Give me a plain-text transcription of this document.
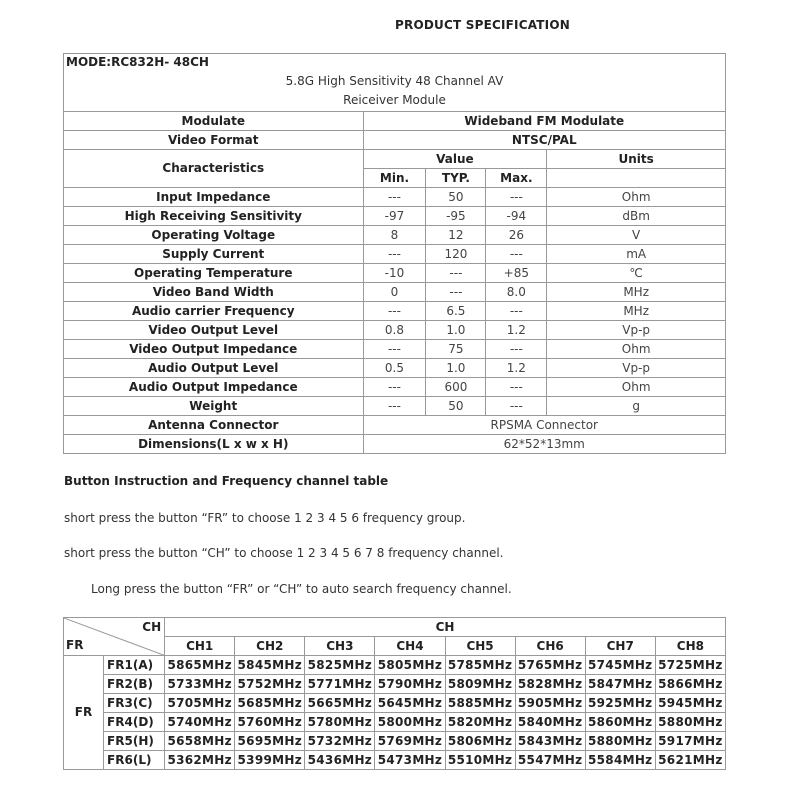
PRODUCT SPECIFICATION
MODE:RC832H- 48CH
5.8G High Sensitivity 48 Channel AV
Reiceiver Module				

Modulate	Wideband FM Modulate			
Video Format	NTSC/PAL			
Characteristics	Value			Units
	Min.	TYP.	Max.	
Input Impedance	---	50	---	Ohm
High Receiving Sensitivity	-97	-95	-94	dBm
Operating Voltage	8	12	26	V
Supply Current	---	120	---	mA
Operating Temperature	-10	---	+85	℃
Video Band Width	0	---	8.0	MHz
Audio carrier Frequency	---	6.5	---	MHz
Video Output Level	0.8	1.0	1.2	Vp-p
Video Output Impedance	---	75	---	Ohm
Audio Output Level	0.5	1.0	1.2	Vp-p
Audio Output Impedance	---	600	---	Ohm
Weight	---	50	---	g
Antenna Connector	RPSMA Connector			
Dimensions(L x w x H)	62*52*13mm			
Button Instruction and Frequency channel table
short press the button “FR” to choose 1 2 3 4 5 6 frequency group.
short press the button “CH” to choose 1 2 3 4 5 6 7 8 frequency channel.
Long press the button “FR” or “CH” to auto search frequency channel.
CH
FR		CH							
		CH1	CH2	CH3	CH4	CH5	CH6	CH7	CH8
FR	FR1(A)	5865MHz	5845MHz	5825MHz	5805MHz	5785MHz	5765MHz	5745MHz	5725MHz
	FR2(B)	5733MHz	5752MHz	5771MHz	5790MHz	5809MHz	5828MHz	5847MHz	5866MHz
	FR3(C)	5705MHz	5685MHz	5665MHz	5645MHz	5885MHz	5905MHz	5925MHz	5945MHz
	FR4(D)	5740MHz	5760MHz	5780MHz	5800MHz	5820MHz	5840MHz	5860MHz	5880MHz
	FR5(H)	5658MHz	5695MHz	5732MHz	5769MHz	5806MHz	5843MHz	5880MHz	5917MHz
	FR6(L)	5362MHz	5399MHz	5436MHz	5473MHz	5510MHz	5547MHz	5584MHz	5621MHz
